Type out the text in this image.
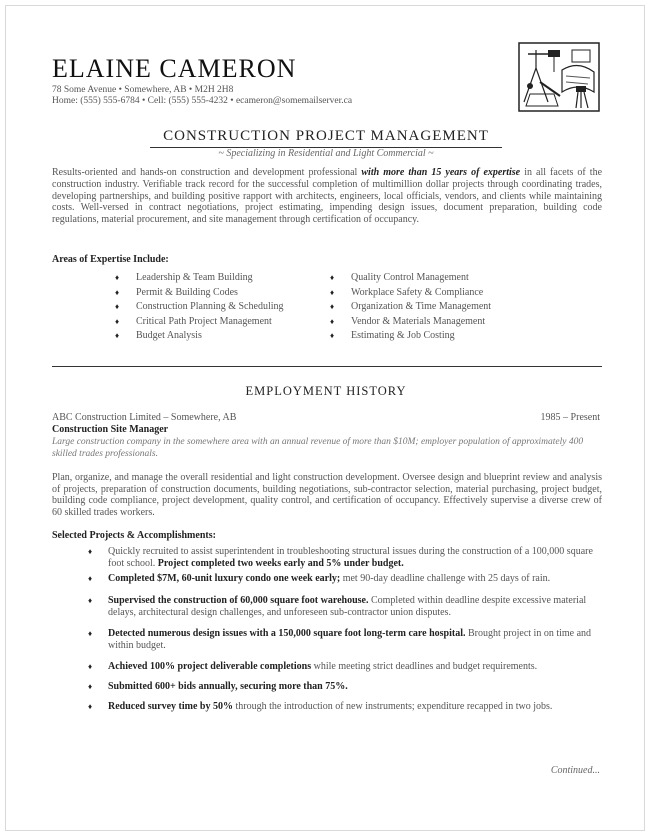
ELAINE CAMERON
78 Some Avenue • Somewhere, AB • M2H 2H8
Home: (555) 555-6784 • Cell: (555) 555-4232 • ecameron@somemailserver.ca
CONSTRUCTION PROJECT MANAGEMENT
~ Specializing in Residential and Light Commercial ~
Results-oriented and hands-on construction and development professional with more than 15 years of expertise in all facets of the construction industry. Verifiable track record for the successful completion of multimillion dollar projects through coordinating trades, developing partnerships, and building positive rapport with architects, engineers, local officials, vendors, and clients while maintaining costs. Well-versed in contract negotiations, project estimating, impending design issues, document preparation, building code regulations, material procurement, and site management through certification of occupancy.
Areas of Expertise Include:
♦ Leadership & Team Building
♦ Permit & Building Codes
♦ Construction Planning & Scheduling
♦ Critical Path Project Management
♦ Budget Analysis
♦ Quality Control Management
♦ Workplace Safety & Compliance
♦ Organization & Time Management
♦ Vendor & Materials Management
♦ Estimating & Job Costing
EMPLOYMENT HISTORY
ABC Construction Limited – Somewhere, AB	1985 – Present
Construction Site Manager
Large construction company in the somewhere area with an annual revenue of more than $10M; employer population of approximately 400 skilled trades professionals.
Plan, organize, and manage the overall residential and light construction development. Oversee design and blueprint review and analysis of projects, preparation of construction documents, building negotiations, sub-contractor selection, material purchasing, project budget, building code compliance, project development, quality control, and certification of occupancy. Effectively supervise a diverse crew of 60 skilled trades workers.
Selected Projects & Accomplishments:
♦ Quickly recruited to assist superintendent in troubleshooting structural issues during the construction of a 100,000 square foot school. Project completed two weeks early and 5% under budget.
♦ Completed $7M, 60-unit luxury condo one week early; met 90-day deadline challenge with 25 days of rain.
♦ Supervised the construction of 60,000 square foot warehouse. Completed within deadline despite excessive material delays, architectural design challenges, and unforeseen sub-contractor union disputes.
♦ Detected numerous design issues with a 150,000 square foot long-term care hospital. Brought project in on time and within budget.
♦ Achieved 100% project deliverable completions while meeting strict deadlines and budget requirements.
♦ Submitted 600+ bids annually, securing more than 75%.
♦ Reduced survey time by 50% through the introduction of new instruments; expenditure recapped in two jobs.
Continued...
